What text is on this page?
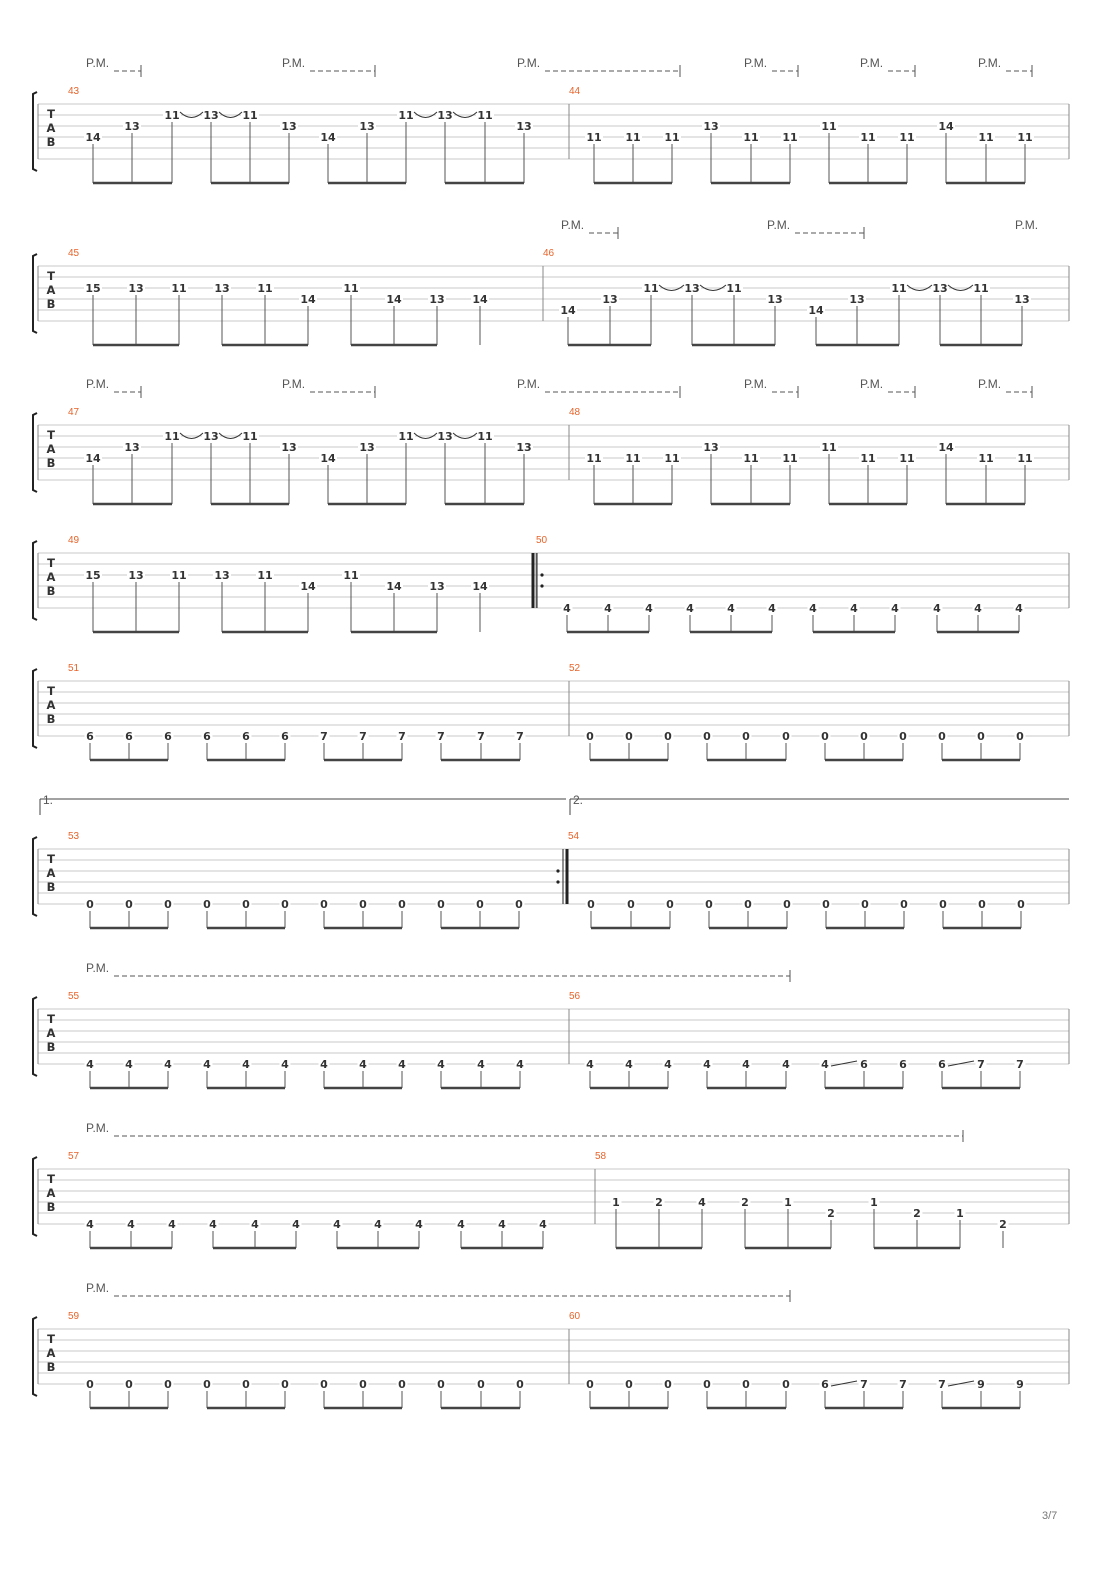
T
A
B
P.M.	P.M.	P.M.	P.M.	P.M.	P.M.
43
14
13
11 13 11
13
14
13
11 13 11
13
44
11 11 11
13
11 11
11
11 11
14
11 11
T
A
B
P.M.	P.M.	P.M.
45
15	13	11	13	11
14
11
14	13	14
46
14
13
11 13 11
13
14
13
11 13 11
13
T
A
B
P.M.	P.M.	P.M.	P.M.	P.M.	P.M.
47
14
13
11 13 11
13
14
13
11 13 11
13
48
11 11 11
13
11 11
11
11 11
14
11 11
T
A
B
49
15	13	11	13	11
14
11
14	13	14
50
4	4	4	4	4	4	4	4	4	4	4	4
T
A
B
51
6	6	6	6	6	6	7	7	7	7	7	7
52
0	0	0	0	0	0	0	0	0	0	0	0
T
A
B
1.	2.
53
0	0	0	0	0	0	0	0	0	0	0	0
54
0	0	0	0	0	0	0	0	0	0	0	0
T
A
B
P.M.
55
4	4	4	4	4	4	4	4	4	4	4	4
56
4	4	4	4	4	4	4	6	6	6	7	7
T
A
B
P.M.
57
4	4	4	4	4	4	4	4	4	4	4	4
58
1	2	4	2	1
2
1
2	1
2
T
A
B
P.M.
59
0	0	0	0	0	0	0	0	0	0	0	0
60
0	0	0	0	0	0	6	7	7	7	9	9
3/7
